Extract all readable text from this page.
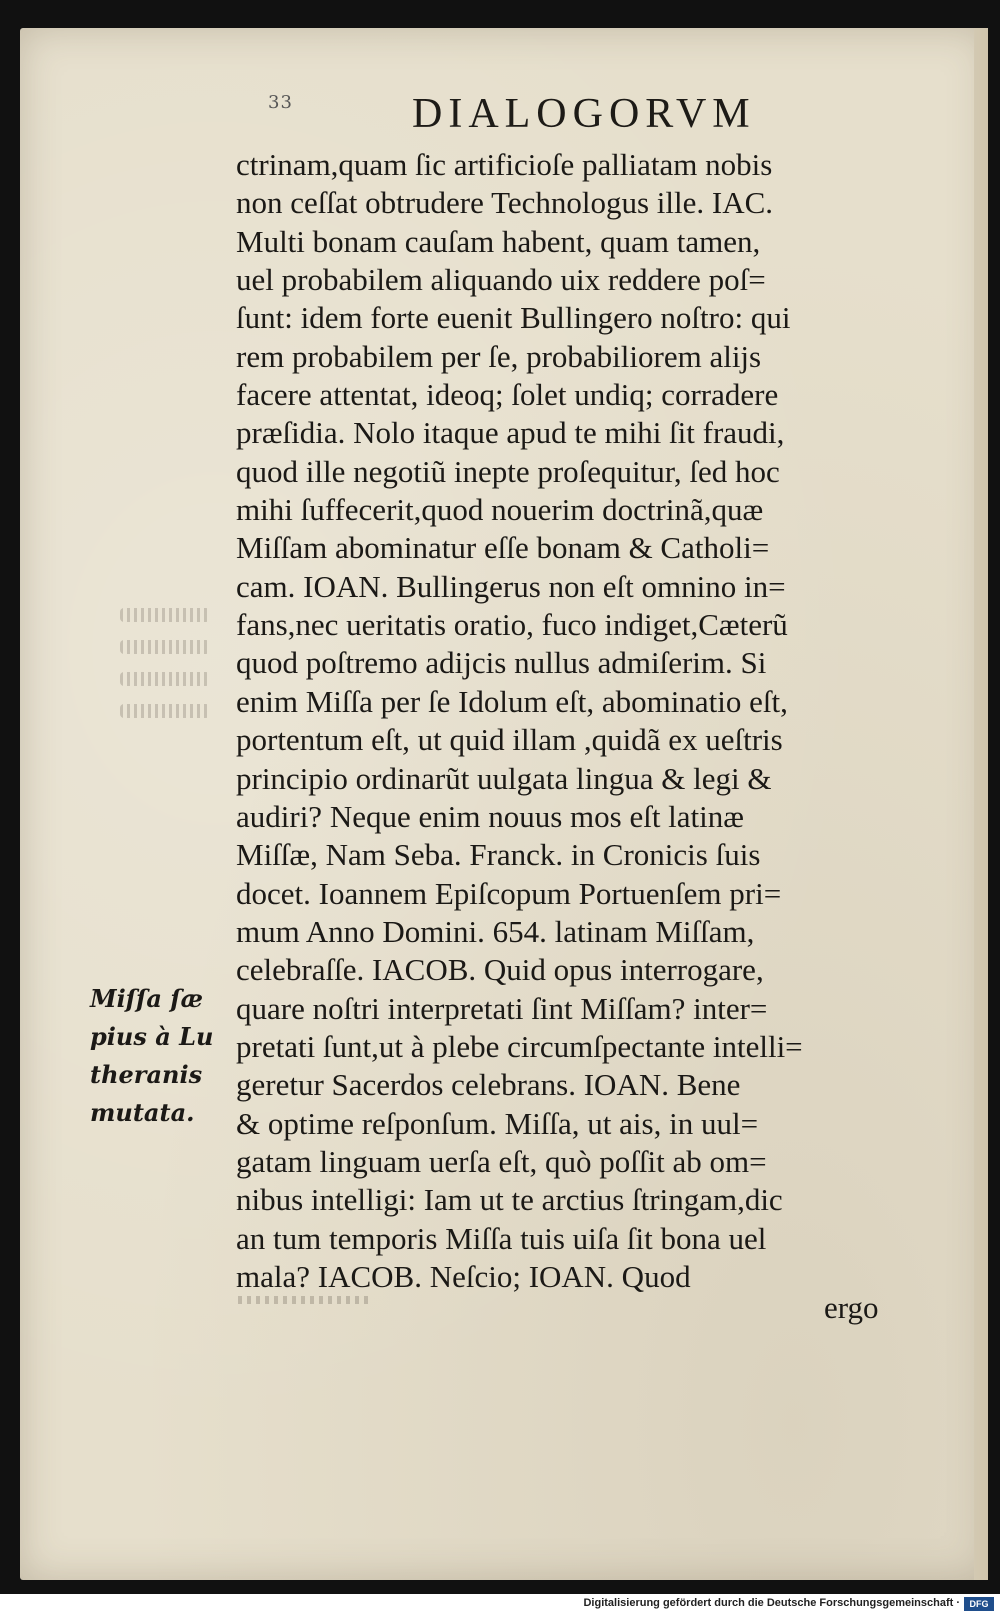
33	DIALOGORVM
ctrinam,quam ſic artificioſe palliatam nobis
non ceſſat obtrudere Technologus ille. IAC.
Multi bonam cauſam habent, quam tamen,
uel probabilem aliquando uix reddere poſ=
ſunt: idem forte euenit Bullingero noſtro: qui
rem probabilem per ſe, probabiliorem alijs
facere attentat, ideoq; ſolet undiq; corradere
præſidia. Nolo itaque apud te mihi ſit fraudi,
quod ille negotiũ inepte proſequitur, ſed hoc
mihi ſuffecerit,quod nouerim doctrinã,quæ
Miſſam abominatur eſſe bonam & Catholi=
cam. IOAN. Bullingerus non eſt omnino in=
fans,nec ueritatis oratio, fuco indiget,Cæterũ
quod poſtremo adijcis nullus admiſerim. Si
enim Miſſa per ſe Idolum eſt, abominatio eſt,
portentum eſt, ut quid illam ,quidã ex ueſtris
principio ordinarũt uulgata lingua & legi &
audiri? Neque enim nouus mos eſt latinæ
Miſſæ, Nam Seba. Franck. in Cronicis ſuis
docet. Ioannem Epiſcopum Portuenſem pri=
mum Anno Domini. 654. latinam Miſſam,
celebraſſe. IACOB. Quid opus interrogare,
quare noſtri interpretati ſint Miſſam? inter=
pretati ſunt,ut à plebe circumſpectante intelli=
geretur Sacerdos celebrans. IOAN. Bene
& optime reſponſum. Miſſa, ut ais, in uul=
gatam linguam uerſa eſt, quò poſſit ab om=
nibus intelligi: Iam ut te arctius ſtringam,dic
an tum temporis Miſſa tuis uiſa ſit bona uel
mala? IACOB. Neſcio; IOAN. Quod
Miſſa ſæ
pius à Lu
theranis
mutata.
ergo
Digitalisierung gefördert durch die Deutsche Forschungsgemeinschaft ·	DFG
